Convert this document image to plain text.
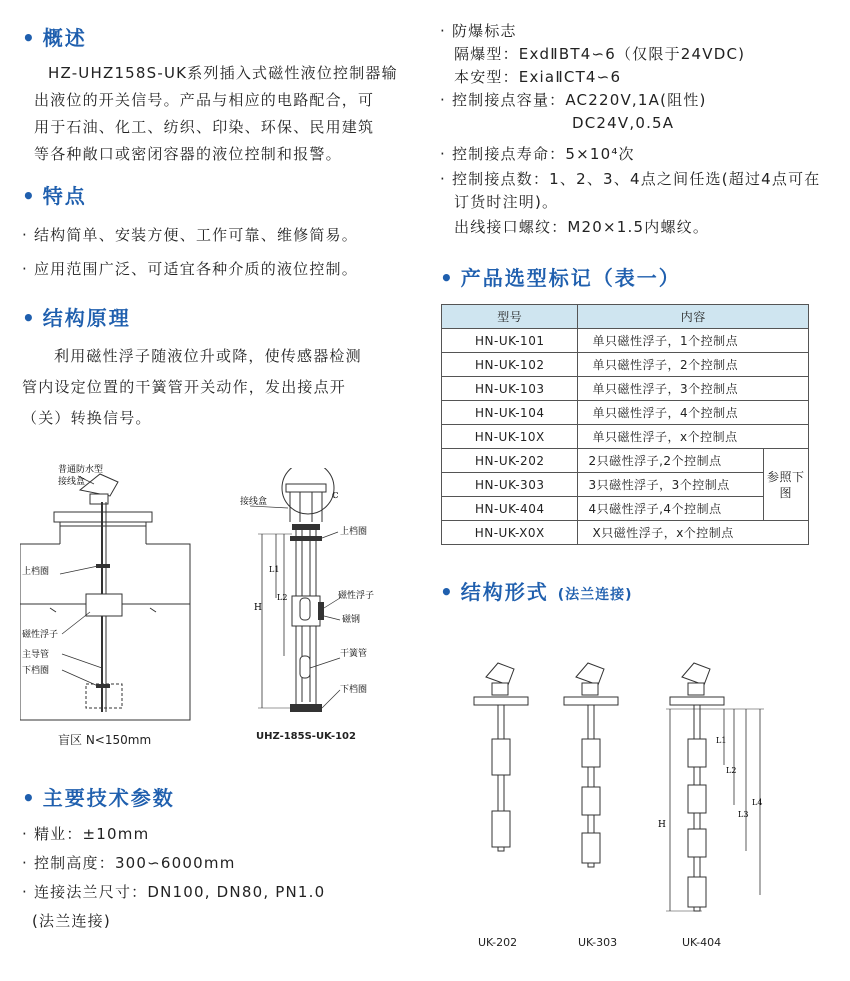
• 概述
HZ-UHZ158S-UK系列插入式磁性液位控制器输
出液位的开关信号。产品与相应的电路配合，可
用于石油、化工、纺织、印染、环保、民用建筑
等各种敞口或密闭容器的液位控制和报警。
• 特点
· 结构简单、安装方便、工作可靠、维修简易。
· 应用范围广泛、可适宜各种介质的液位控制。
• 结构原理
利用磁性浮子随液位升或降，使传感器检测
管内设定位置的干簧管开关动作，发出接点开
（关）转换信号。
普通防水型
接线盒
上档圈
磁性浮子
主导管
下档圈
盲区 N<150mm
ℂ
接线盒
上档圈
磁性浮子
磁钢
干簧管
下档圈
H
L1
L2
UHZ-185S-UK-102
• 主要技术参数
· 精业：±10mm
· 控制高度：300∽6000mm
· 连接法兰尺寸：DN100, DN80, PN1.0
(法兰连接)
· 防爆标志
隔爆型：ExdⅡBT4∽6（仅限于24VDC)
本安型：ExiaⅡCT4∽6
· 控制接点容量：AC220V,1A(阻性)
DC24V,0.5A
· 控制接点寿命：5×10⁴次
· 控制接点数：1、2、3、4点之间任选(超过4点可在
订货时注明)。
出线接口螺纹：M20×1.5内螺纹。
• 产品选型标记（表一）
型号	内容	
HN-UK-101	单只磁性浮子，1个控制点	
HN-UK-102	单只磁性浮子，2个控制点	
HN-UK-103	单只磁性浮子，3个控制点	
HN-UK-104	单只磁性浮子，4个控制点	
HN-UK-10X	单只磁性浮子，x个控制点	
HN-UK-202	2只磁性浮子,2个控制点	参照下图
HN-UK-303	3只磁性浮子，3个控制点	
HN-UK-404	4只磁性浮子,4个控制点	
HN-UK-X0X	X只磁性浮子，x个控制点	
• 结构形式 (法兰连接)
H
L1
L2
L3
L4
UK-202	UK-303	UK-404
